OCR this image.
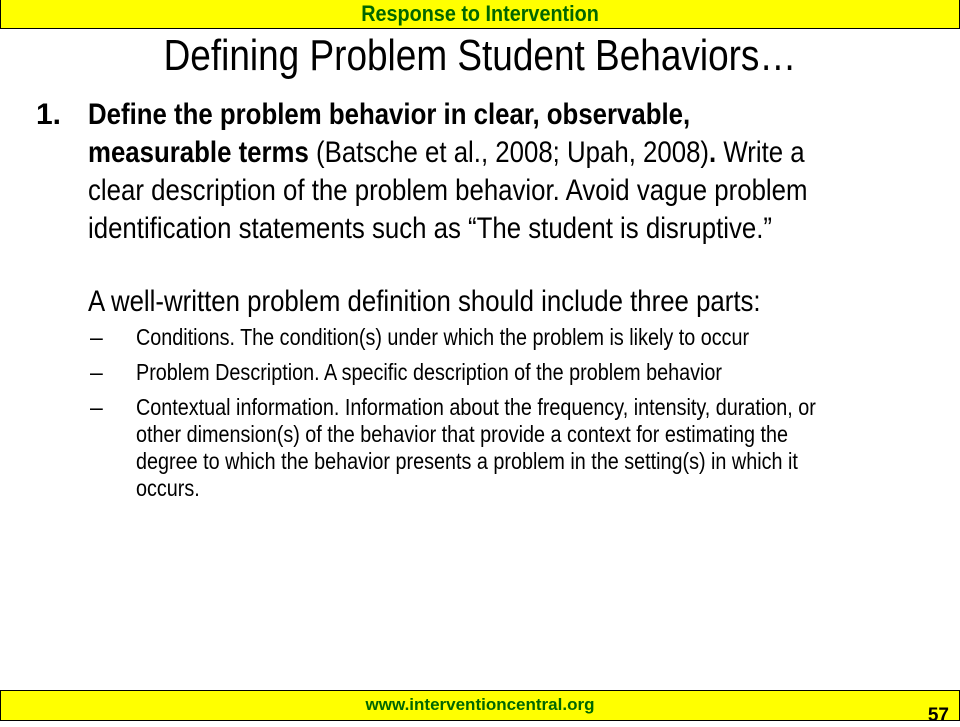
Response to Intervention
Defining Problem Student Behaviors…
1. Define the problem behavior in clear, observable, measurable terms (Batsche et al., 2008; Upah, 2008). Write a clear description of the problem behavior. Avoid vague problem identification statements such as “The student is disruptive.”
A well-written problem definition should include three parts:
–	Conditions. The condition(s) under which the problem is likely to occur
–	Problem Description. A specific description of the problem behavior
–	Contextual information. Information about the frequency, intensity, duration, or other dimension(s) of the behavior that provide a context for estimating the degree to which the behavior presents a problem in the setting(s) in which it occurs.
www.interventioncentral.org
57
